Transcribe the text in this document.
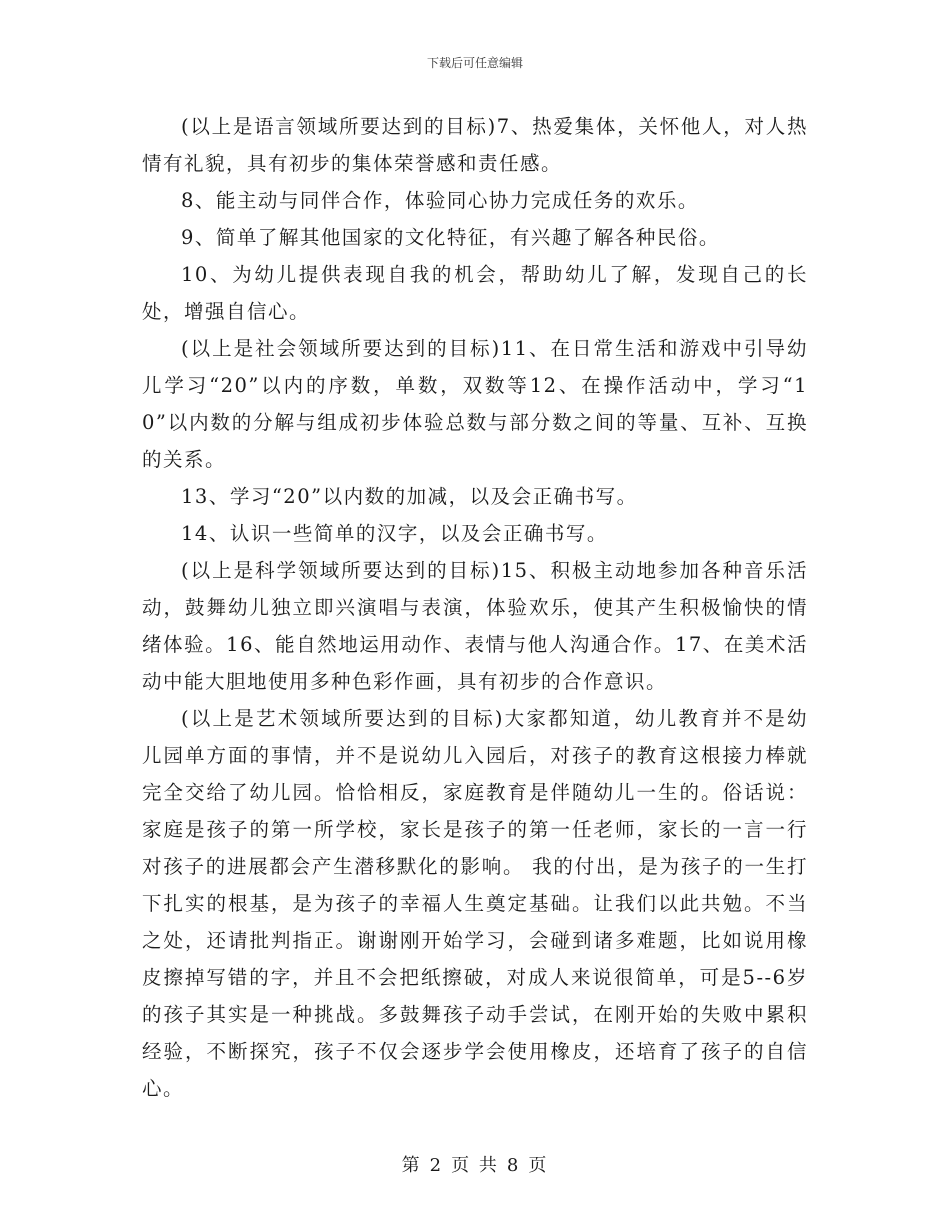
下载后可任意编辑

(以上是语言领域所要达到的目标)7、热爱集体，关怀他人，对人热情有礼貌，具有初步的集体荣誉感和责任感。

8、能主动与同伴合作，体验同心协力完成任务的欢乐。

9、简单了解其他国家的文化特征，有兴趣了解各种民俗。

10、为幼儿提供表现自我的机会，帮助幼儿了解，发现自己的长处，增强自信心。

(以上是社会领域所要达到的目标)11、在日常生活和游戏中引导幼儿学习“20”以内的序数，单数，双数等12、在操作活动中，学习“10”以内数的分解与组成初步体验总数与部分数之间的等量、互补、互换的关系。

13、学习“20”以内数的加减，以及会正确书写。

14、认识一些简单的汉字，以及会正确书写。

(以上是科学领域所要达到的目标)15、积极主动地参加各种音乐活动，鼓舞幼儿独立即兴演唱与表演，体验欢乐，使其产生积极愉快的情绪体验。16、能自然地运用动作、表情与他人沟通合作。17、在美术活动中能大胆地使用多种色彩作画，具有初步的合作意识。

(以上是艺术领域所要达到的目标)大家都知道，幼儿教育并不是幼儿园单方面的事情，并不是说幼儿入园后，对孩子的教育这根接力棒就完全交给了幼儿园。恰恰相反，家庭教育是伴随幼儿一生的。俗话说：家庭是孩子的第一所学校，家长是孩子的第一任老师，家长的一言一行对孩子的进展都会产生潜移默化的影响。 我的付出，是为孩子的一生打下扎实的根基，是为孩子的幸福人生奠定基础。让我们以此共勉。不当之处，还请批判指正。谢谢刚开始学习，会碰到诸多难题，比如说用橡皮擦掉写错的字，并且不会把纸擦破，对成人来说很简单，可是5--6岁的孩子其实是一种挑战。多鼓舞孩子动手尝试，在刚开始的失败中累积经验，不断探究，孩子不仅会逐步学会使用橡皮，还培育了孩子的自信心。

第 2 页 共 8 页
